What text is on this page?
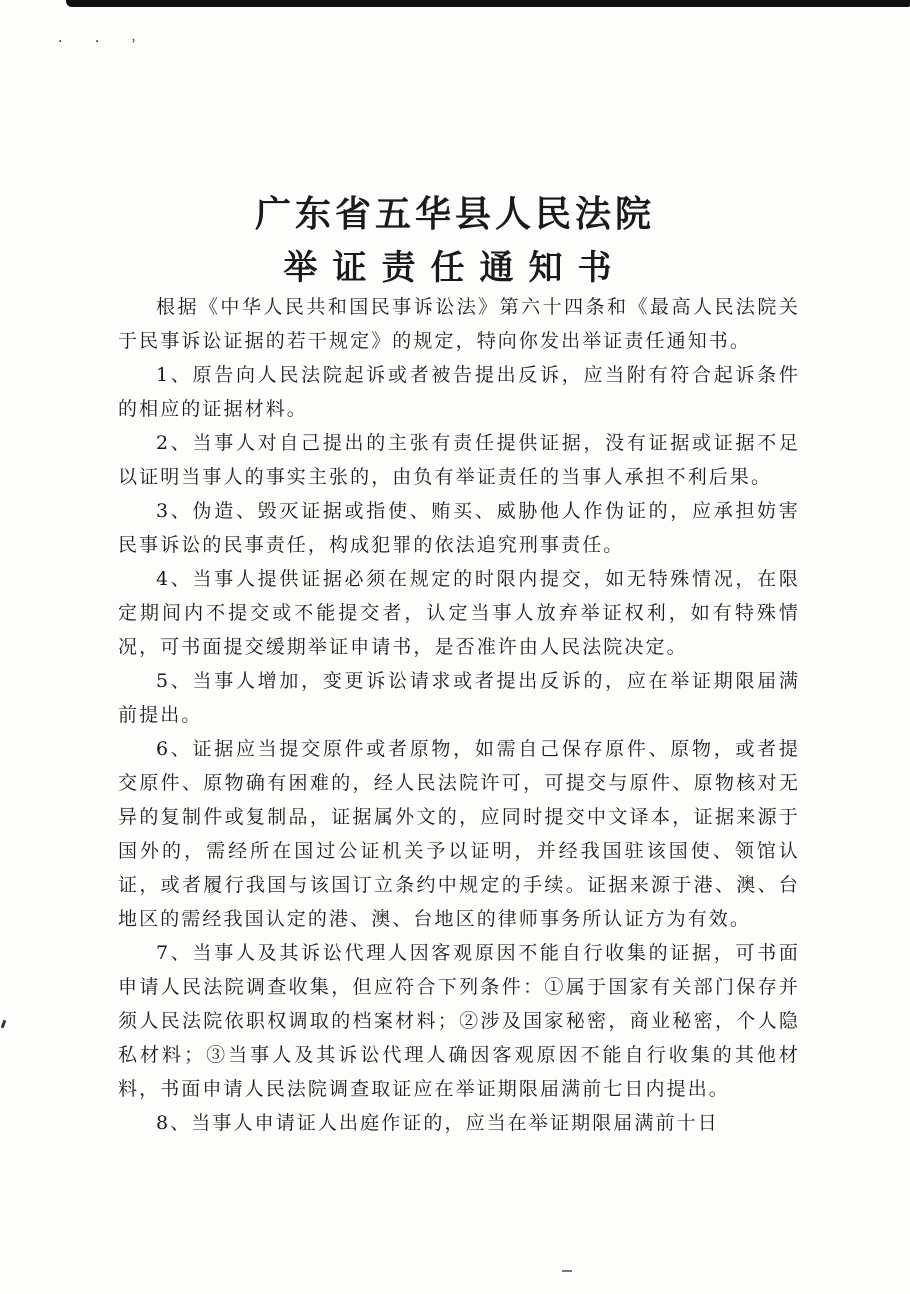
· · ˒
广东省五华县人民法院
举证责任通知书

根据《中华人民共和国民事诉讼法》第六十四条和《最高人民法院关于民事诉讼证据的若干规定》的规定，特向你发出举证责任通知书。

1、原告向人民法院起诉或者被告提出反诉，应当附有符合起诉条件的相应的证据材料。

2、当事人对自己提出的主张有责任提供证据，没有证据或证据不足以证明当事人的事实主张的，由负有举证责任的当事人承担不利后果。

3、伪造、毁灭证据或指使、贿买、威胁他人作伪证的，应承担妨害民事诉讼的民事责任，构成犯罪的依法追究刑事责任。

4、当事人提供证据必须在规定的时限内提交，如无特殊情况，在限定期间内不提交或不能提交者，认定当事人放弃举证权利，如有特殊情况，可书面提交缓期举证申请书，是否准许由人民法院决定。

5、当事人增加，变更诉讼请求或者提出反诉的，应在举证期限届满前提出。

6、证据应当提交原件或者原物，如需自己保存原件、原物，或者提交原件、原物确有困难的，经人民法院许可，可提交与原件、原物核对无异的复制件或复制品，证据属外文的，应同时提交中文译本，证据来源于国外的，需经所在国过公证机关予以证明，并经我国驻该国使、领馆认证，或者履行我国与该国订立条约中规定的手续。证据来源于港、澳、台地区的需经我国认定的港、澳、台地区的律师事务所认证方为有效。

7、当事人及其诉讼代理人因客观原因不能自行收集的证据，可书面申请人民法院调查收集，但应符合下列条件：①属于国家有关部门保存并须人民法院依职权调取的档案材料；②涉及国家秘密，商业秘密，个人隐私材料；③当事人及其诉讼代理人确因客观原因不能自行收集的其他材料，书面申请人民法院调查取证应在举证期限届满前七日内提出。

8、当事人申请证人出庭作证的，应当在举证期限届满前十日
